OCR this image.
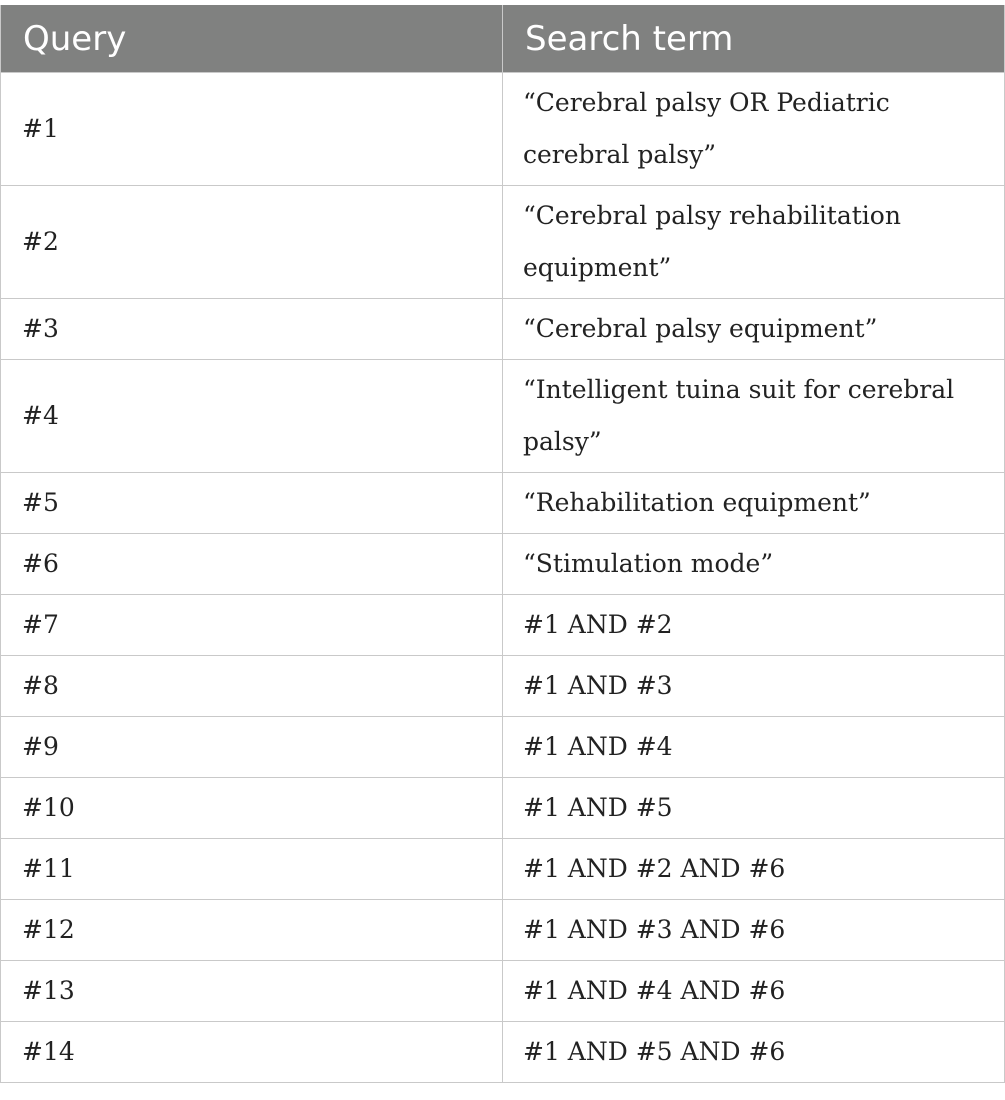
Query	Search term
#1	“Cerebral palsy OR Pediatric cerebral palsy”
#2	“Cerebral palsy rehabilitation equipment”
#3	“Cerebral palsy equipment”
#4	“Intelligent tuina suit for cerebral palsy”
#5	“Rehabilitation equipment”
#6	“Stimulation mode”
#7	#1 AND #2
#8	#1 AND #3
#9	#1 AND #4
#10	#1 AND #5
#11	#1 AND #2 AND #6
#12	#1 AND #3 AND #6
#13	#1 AND #4 AND #6
#14	#1 AND #5 AND #6
